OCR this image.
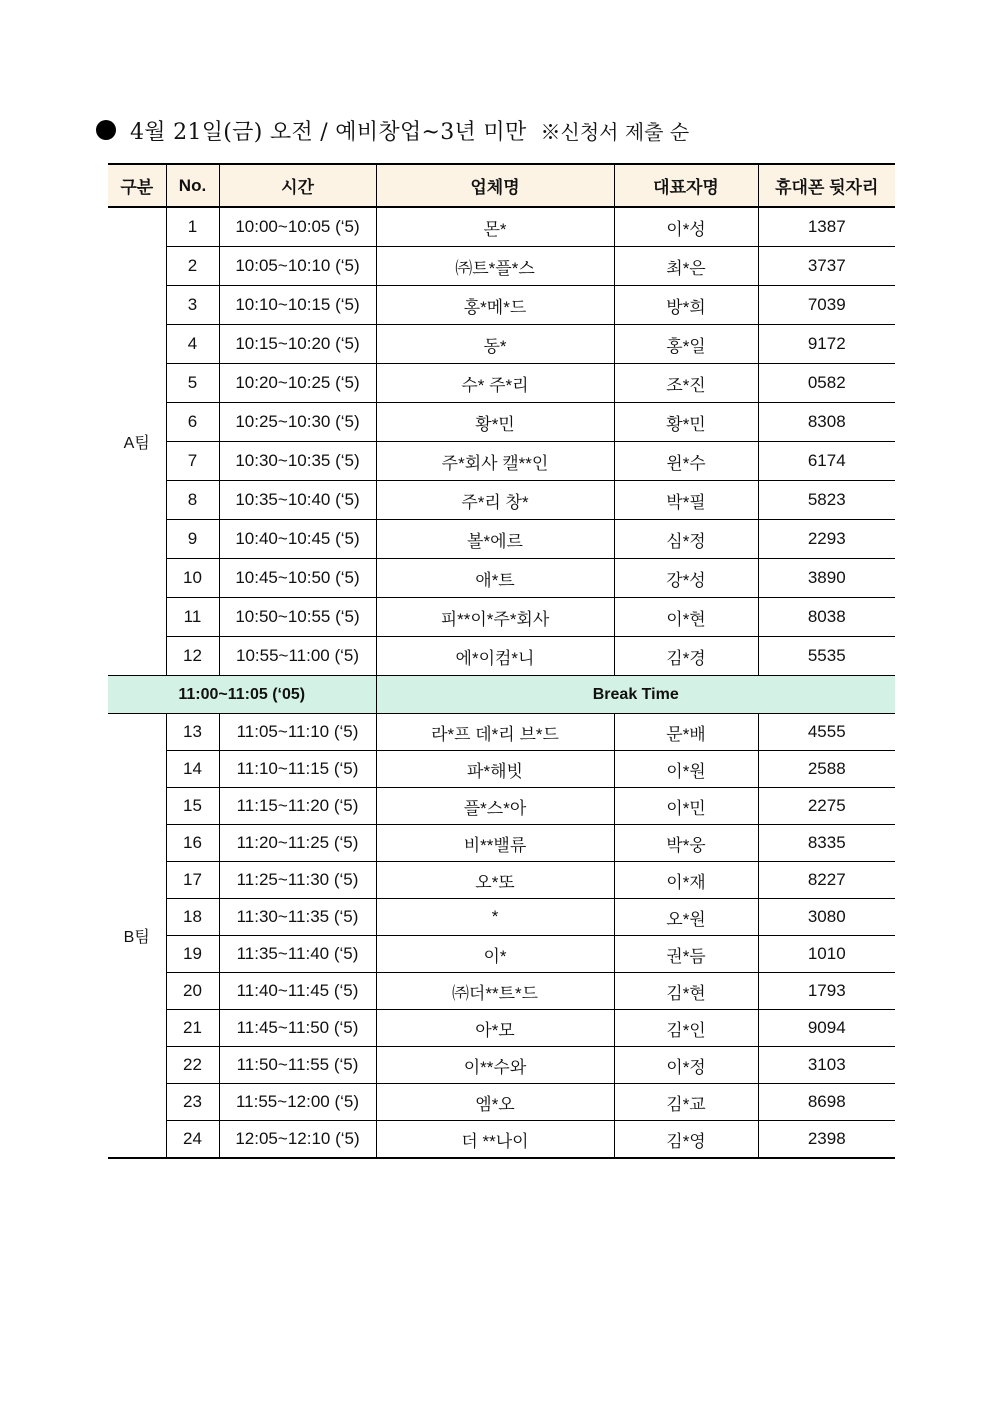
4월 21일(금) 오전 / 예비창업~3년 미만 ※신청서 제출 순
구분	No.	시간	업체명	대표자명	휴대폰 뒷자리
A팀	1	10:00~10:05 (‘5)	몬*	이*성	1387
	2	10:05~10:10 (‘5)	㈜트*플*스	최*은	3737
	3	10:10~10:15 (‘5)	홍*메*드	방*희	7039
	4	10:15~10:20 (‘5)	동*	홍*일	9172
	5	10:20~10:25 (‘5)	수* 주*리	조*진	0582
	6	10:25~10:30 (‘5)	황*민	황*민	8308
	7	10:30~10:35 (‘5)	주*회사 캘**인	윈*수	6174
	8	10:35~10:40 (‘5)	주*리 창*	박*필	5823
	9	10:40~10:45 (‘5)	볼*에르	심*정	2293
	10	10:45~10:50 (‘5)	애*트	강*성	3890
	11	10:50~10:55 (‘5)	피**이*주*회사	이*현	8038
	12	10:55~11:00 (‘5)	에*이컴*니	김*경	5535
11:00~11:05 (‘05)			Break Time		
B팀	13	11:05~11:10 (‘5)	라*프 데*리 브*드	문*배	4555
	14	11:10~11:15 (‘5)	파*해빗	이*원	2588
	15	11:15~11:20 (‘5)	플*스*아	이*민	2275
	16	11:20~11:25 (‘5)	비**밸류	박*웅	8335
	17	11:25~11:30 (‘5)	오*또	이*재	8227
	18	11:30~11:35 (‘5)	*	오*원	3080
	19	11:35~11:40 (‘5)	이*	권*듬	1010
	20	11:40~11:45 (‘5)	㈜더**트*드	김*현	1793
	21	11:45~11:50 (‘5)	아*모	김*인	9094
	22	11:50~11:55 (‘5)	이**수와	이*정	3103
	23	11:55~12:00 (‘5)	엠*오	김*교	8698
	24	12:05~12:10 (‘5)	더 **나이	김*영	2398
